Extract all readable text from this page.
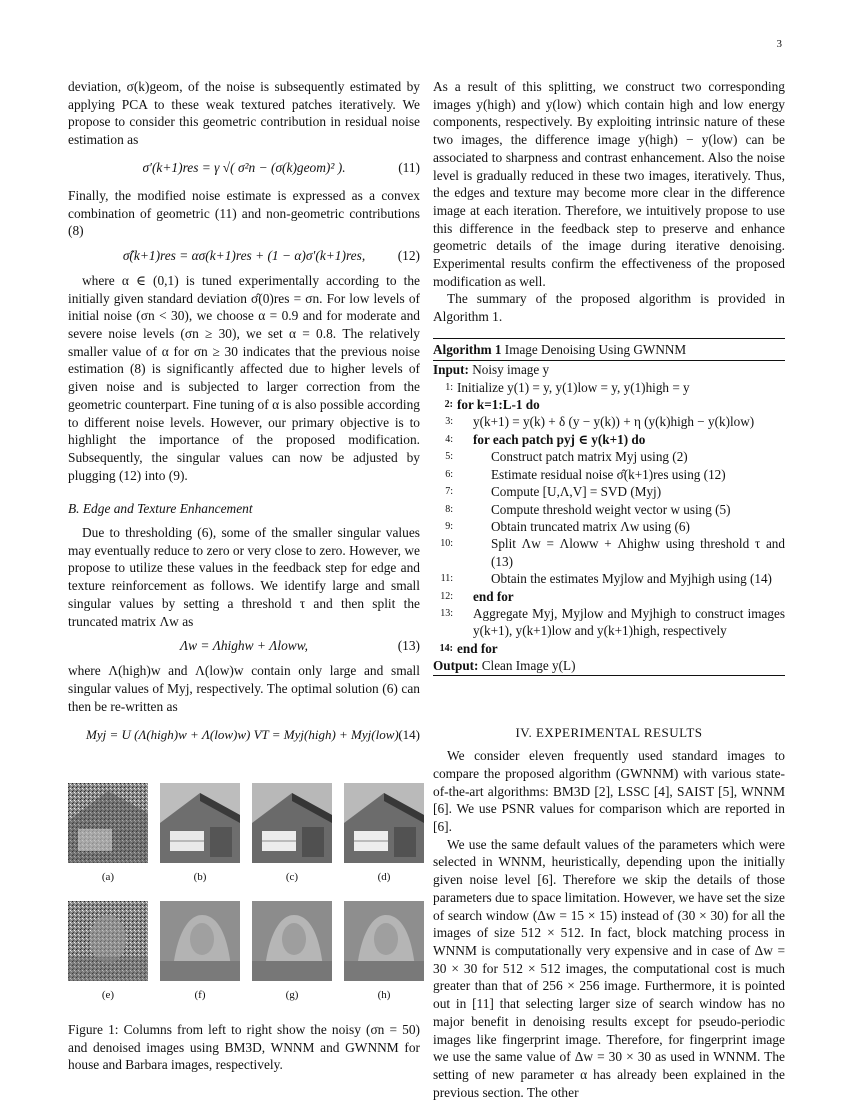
3

deviation, σ(k)geom, of the noise is subsequently estimated by applying PCA to these weak textured patches iteratively. We propose to consider this geometric contribution in residual noise estimation as

σ′(k+1)res = γ √( σ²n − (σ(k)geom)² ).	(11)

Finally, the modified noise estimate is expressed as a convex combination of geometric (11) and non-geometric contributions (8)

σ̂(k+1)res = ασ(k+1)res + (1 − α)σ′(k+1)res, (12)

where α ∈ (0,1) is tuned experimentally according to the initially given standard deviation σ̂(0)res = σn. For low levels of initial noise (σn < 30), we choose α = 0.9 and for moderate and severe noise levels (σn ≥ 30), we set α = 0.8. The relatively smaller value of α for σn ≥ 30 indicates that the previous noise estimation (8) is significantly affected due to higher levels of given noise and is subjected to larger correction from the geometric counterpart. Fine tuning of α is also possible according to different noise levels. However, our primary objective is to highlight the importance of the proposed modification. Subsequently, the singular values can now be adjusted by plugging (12) into (9).

B. Edge and Texture Enhancement

Due to thresholding (6), some of the smaller singular values may eventually reduce to zero or very close to zero. However, we propose to utilize these values in the feedback step for edge and texture reinforcement as follows. We identify large and small singular values by setting a threshold τ and then split the truncated matrix Λw as

Λw = Λhighw + Λloww,	(13)

where Λ(high)w and Λ(low)w contain only large and small singular values of Myj, respectively. The optimal solution (6) can then be re-written as

Myj = U (Λ(high)w + Λ(low)w) VT = Myj(high) + Myj(low).
(14)
(a)	(b)	(c)	(d)
(e)	(f)	(g)	(h)

Figure 1: Columns from left to right show the noisy (σn = 50) and denoised images using BM3D, WNNM and GWNNM for house and Barbara images, respectively.

As a result of this splitting, we construct two corresponding images y(high) and y(low) which contain high and low energy components, respectively. By exploiting intrinsic nature of these two images, the difference image y(high) − y(low) can be associated to sharpness and contrast enhancement. Also the noise level is gradually reduced in these two images, iteratively. Thus, the edges and texture may become more clear in the difference image at each iteration. Therefore, we intuitively propose to use this difference in the feedback step to preserve and enhance geometric details of the image during iterative denoising. Experimental results confirm the effectiveness of the proposed modification as well.

The summary of the proposed algorithm is provided in Algorithm 1.

Algorithm 1 Image Denoising Using GWNNM
Input: Noisy image y
1: Initialize y(1) = y, y(1)low = y, y(1)high = y
2: for k=1:L-1 do
3:	y(k+1) = y(k) + δ (y − y(k)) + η (y(k)high − y(k)low)
4:	for each patch pyj ∈ y(k+1) do
5:	Construct patch matrix Myj using (2)
6:	Estimate residual noise σ̂(k+1)res using (12)
7:	Compute [U,Λ,V] = SVD (Myj)
8:	Compute threshold weight vector w using (5)
9:	Obtain truncated matrix Λw using (6)
10:	Split Λw = Λloww + Λhighw using threshold τ and (13)
11:	Obtain the estimates Myjlow and Myjhigh using (14)
12:	end for
13:	Aggregate Myj, Myjlow and Myjhigh to construct images y(k+1), y(k+1)low and y(k+1)high, respectively
14: end for
Output: Clean Image y(L)
IV. EXPERIMENTAL RESULTS

We consider eleven frequently used standard images to compare the proposed algorithm (GWNNM) with various state-of-the-art algorithms: BM3D [2], LSSC [4], SAIST [5], WNNM [6]. We use PSNR values for comparison which are reported in [6].

We use the same default values of the parameters which were selected in WNNM, heuristically, depending upon the initially given noise level [6]. Therefore we skip the details of those parameters due to space limitation. However, we have set the size of search window (Δw = 15 × 15) instead of (30 × 30) for all the images of size 512 × 512. In fact, block matching process in WNNM is computationally very expensive and in case of Δw = 30 × 30 for 512 × 512 images, the computational cost is much greater than that of 256 × 256 image. Furthermore, it is pointed out in [11] that selecting larger size of search window has no major benefit in denoising results except for pseudo-periodic images like fingerprint image. Therefore, for fingerprint image we use the same value of Δw = 30 × 30 as used in WNNM. The setting of new parameter α has already been explained in the previous section. The other
